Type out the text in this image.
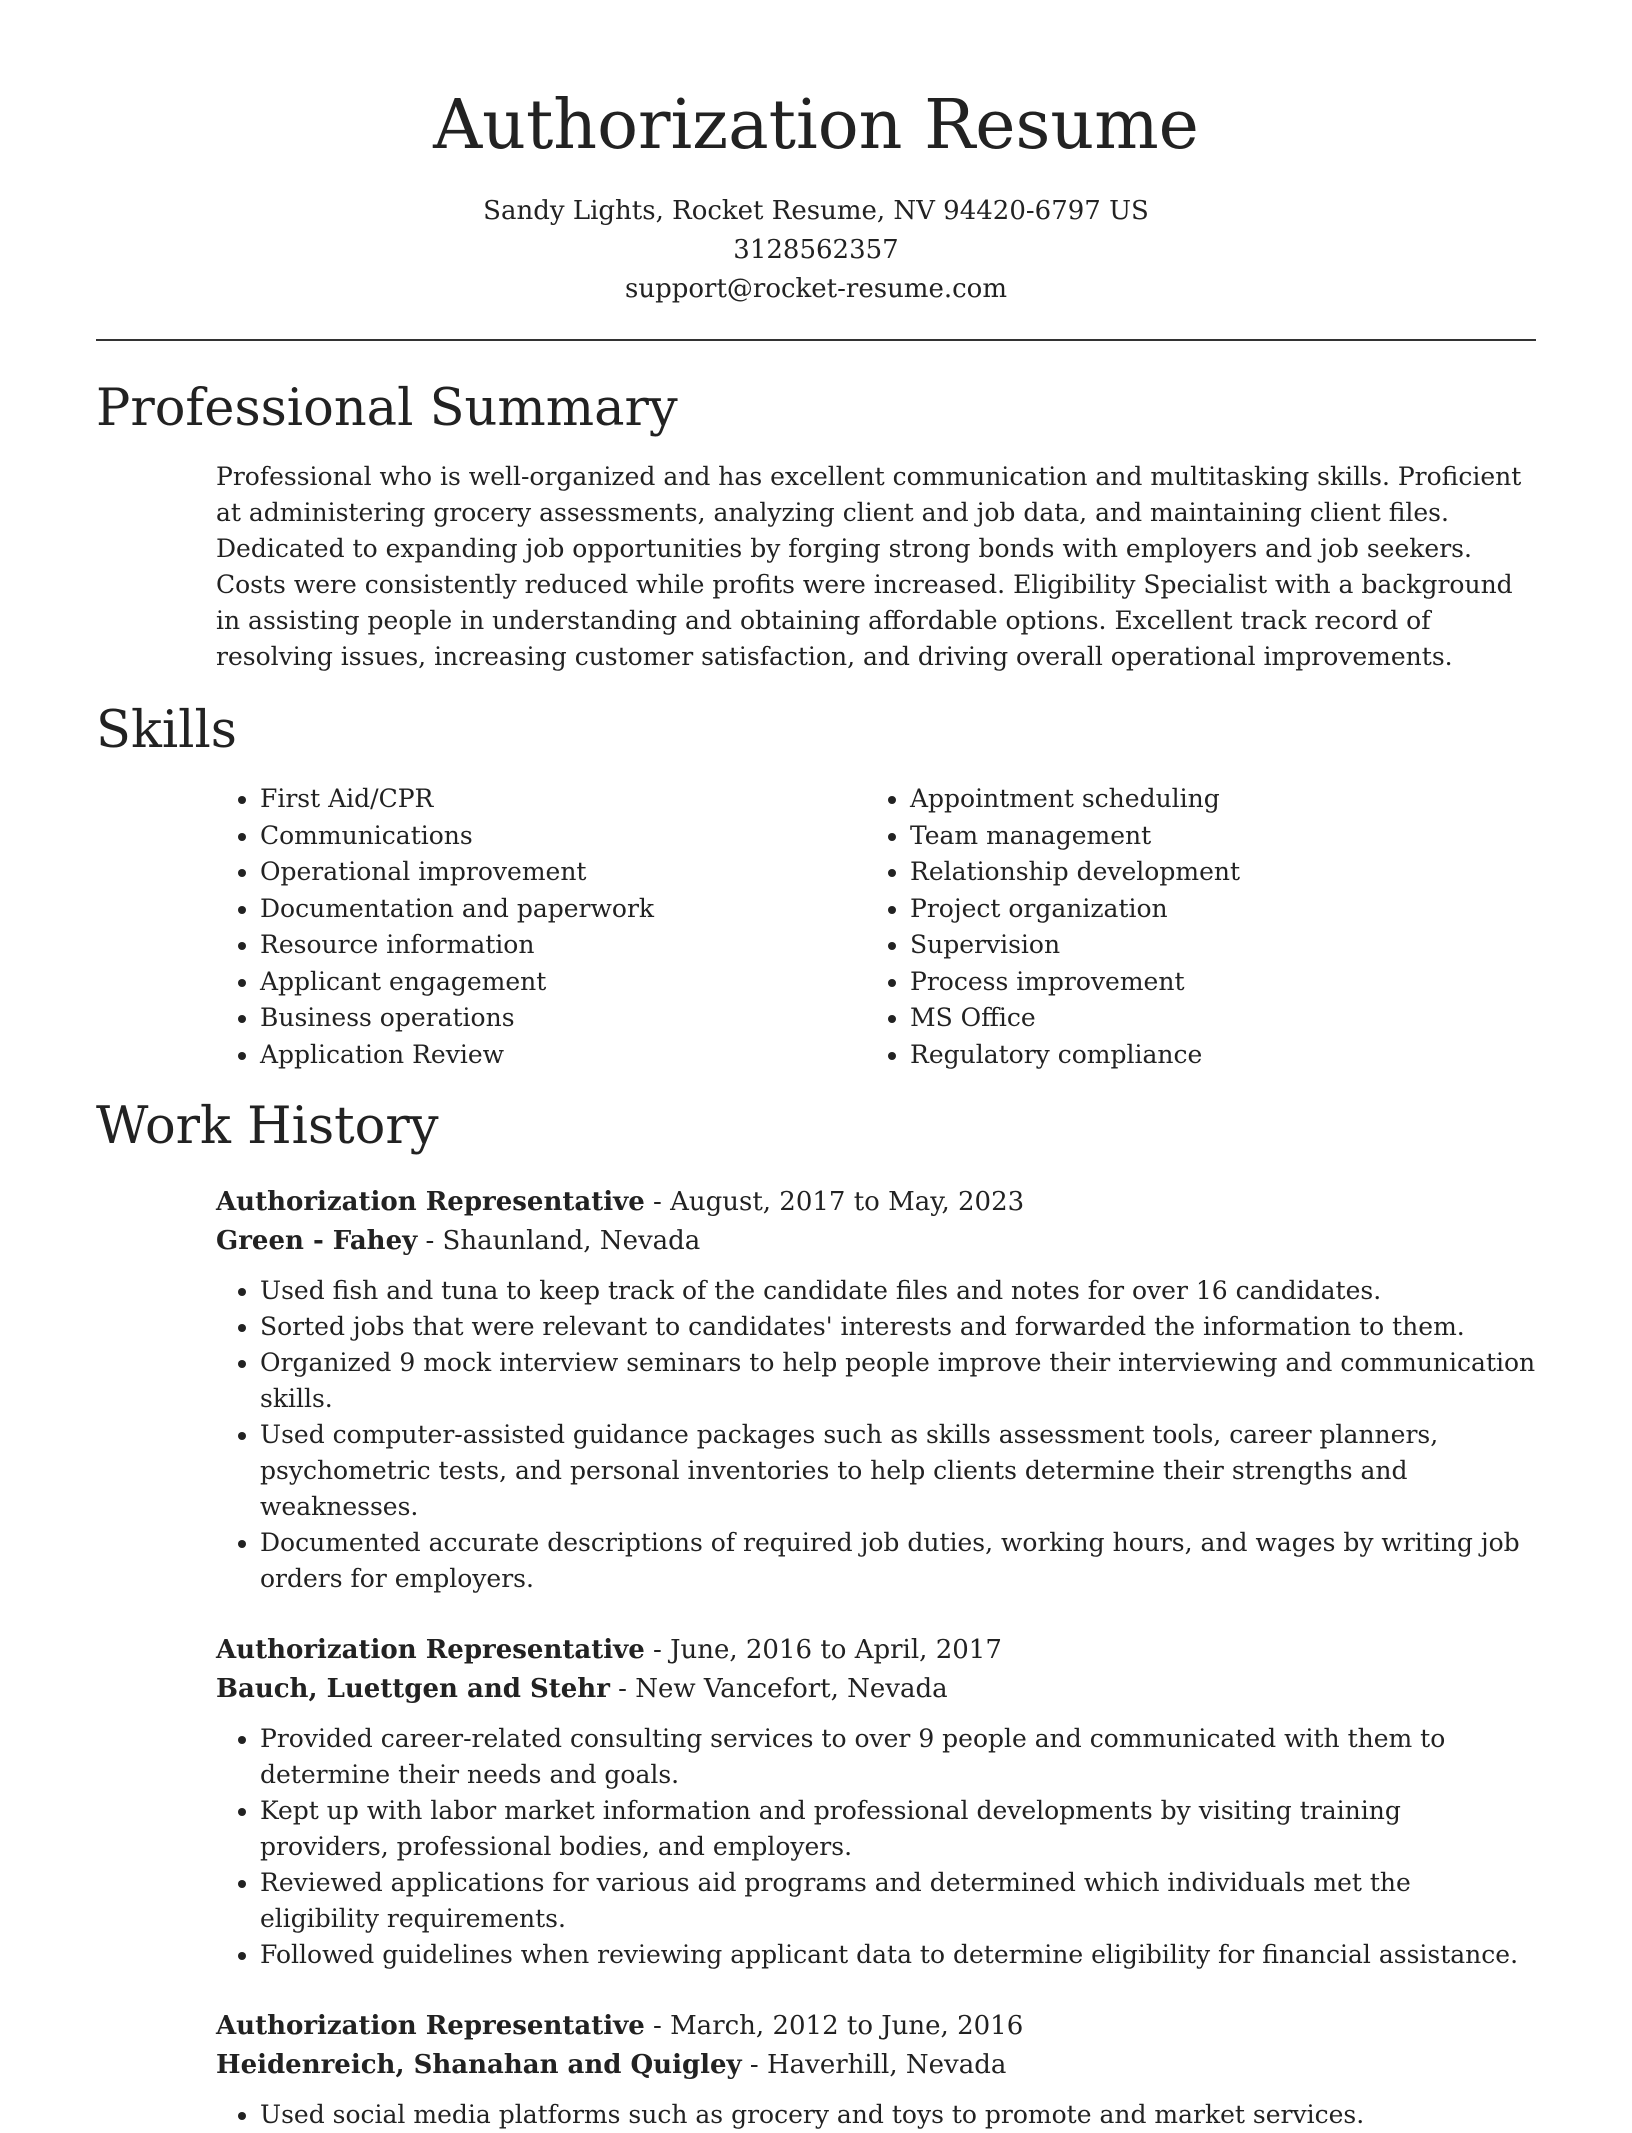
Authorization Resume
Sandy Lights, Rocket Resume, NV 94420-6797 US
3128562357
support@rocket-resume.com
Professional Summary
Professional who is well-organized and has excellent communication and multitasking skills. Proficient at administering grocery assessments, analyzing client and job data, and maintaining client files. Dedicated to expanding job opportunities by forging strong bonds with employers and job seekers. Costs were consistently reduced while profits were increased. Eligibility Specialist with a background in assisting people in understanding and obtaining affordable options. Excellent track record of resolving issues, increasing customer satisfaction, and driving overall operational improvements.
Skills
• First Aid/CPR
• Communications
• Operational improvement
• Documentation and paperwork
• Resource information
• Applicant engagement
• Business operations
• Application Review
• Appointment scheduling
• Team management
• Relationship development
• Project organization
• Supervision
• Process improvement
• MS Office
• Regulatory compliance
Work History
Authorization Representative - August, 2017 to May, 2023
Green - Fahey - Shaunland, Nevada
• Used fish and tuna to keep track of the candidate files and notes for over 16 candidates.
• Sorted jobs that were relevant to candidates' interests and forwarded the information to them.
• Organized 9 mock interview seminars to help people improve their interviewing and communication skills.
• Used computer-assisted guidance packages such as skills assessment tools, career planners, psychometric tests, and personal inventories to help clients determine their strengths and weaknesses.
• Documented accurate descriptions of required job duties, working hours, and wages by writing job orders for employers.
Authorization Representative - June, 2016 to April, 2017
Bauch, Luettgen and Stehr - New Vancefort, Nevada
• Provided career-related consulting services to over 9 people and communicated with them to determine their needs and goals.
• Kept up with labor market information and professional developments by visiting training providers, professional bodies, and employers.
• Reviewed applications for various aid programs and determined which individuals met the eligibility requirements.
• Followed guidelines when reviewing applicant data to determine eligibility for financial assistance.
Authorization Representative - March, 2012 to June, 2016
Heidenreich, Shanahan and Quigley - Haverhill, Nevada
• Used social media platforms such as grocery and toys to promote and market services.
